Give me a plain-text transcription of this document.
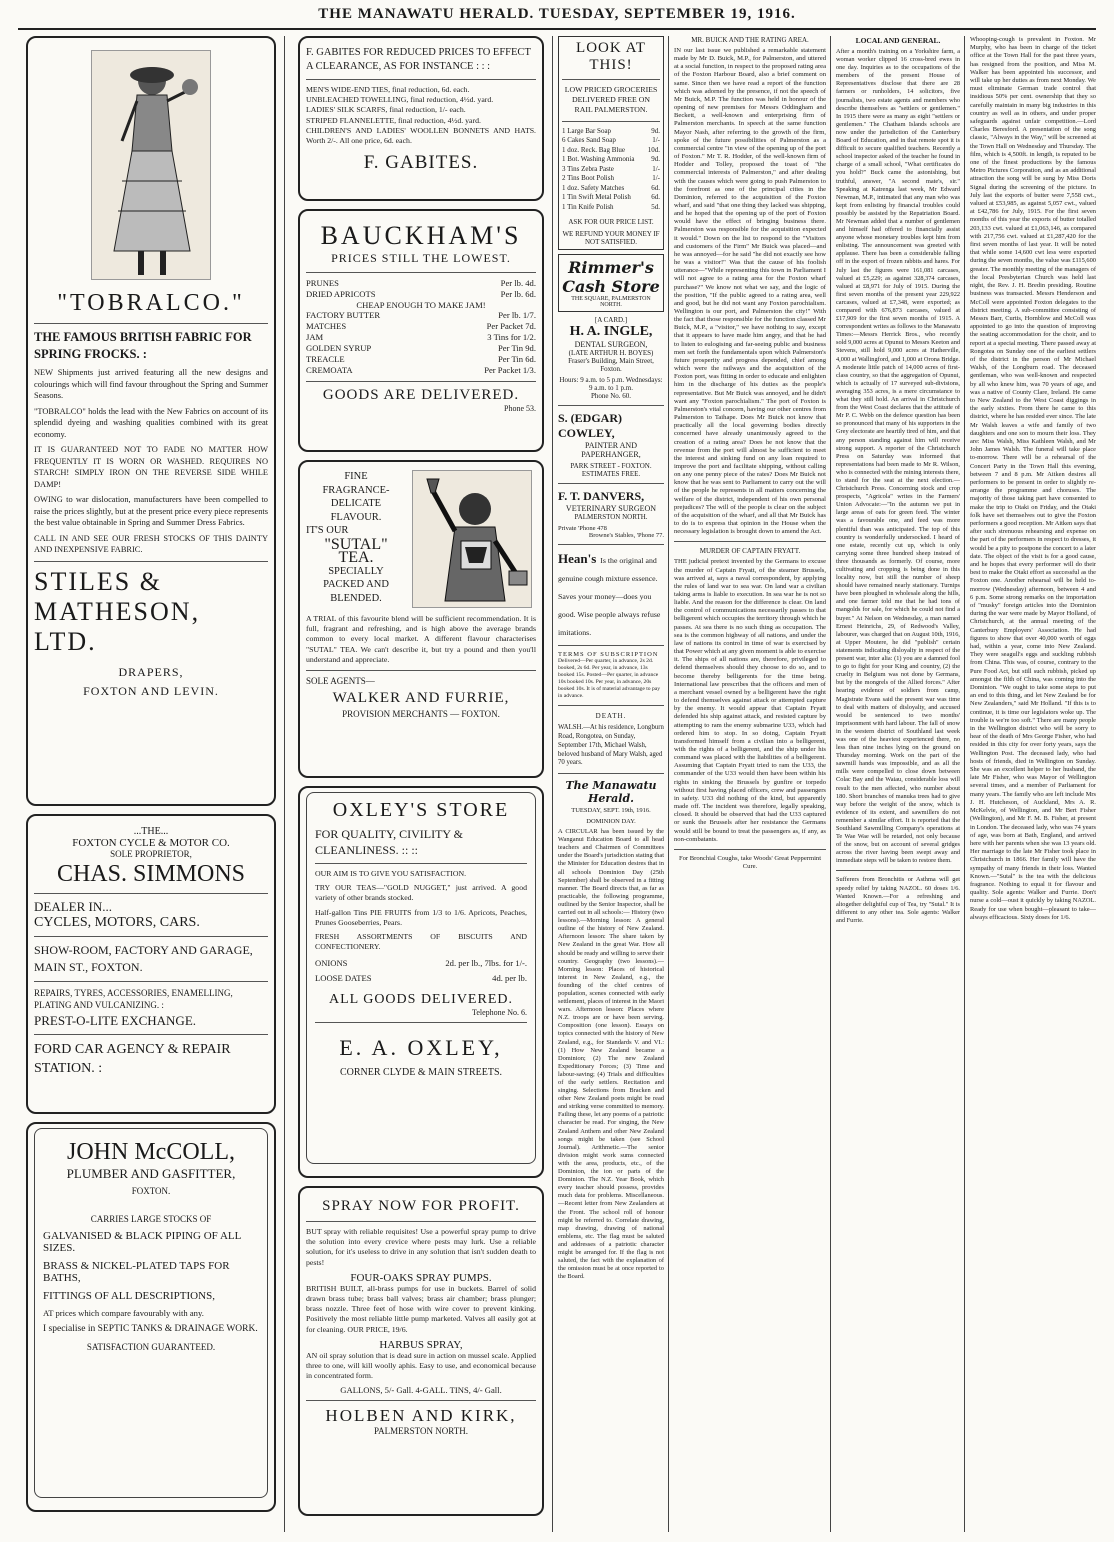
THE MANAWATU HERALD. TUESDAY, SEPTEMBER 19, 1916.
"TOBRALCO."
THE FAMOUS BRITISH FABRIC FOR SPRING FROCKS. :

NEW Shipments just arrived featuring all the new designs and colourings which will find favour throughout the Spring and Summer Seasons.

"TOBRALCO" holds the lead with the New Fabrics on account of its splendid dyeing and washing qualities combined with its great economy.

IT IS GUARANTEED NOT TO FADE NO MATTER HOW FREQUENTLY IT IS WORN OR WASHED. REQUIRES NO STARCH! SIMPLY IRON ON THE REVERSE SIDE WHILE DAMP!

OWING to war dislocation, manufacturers have been compelled to raise the prices slightly, but at the present price every piece represents the best value obtainable in Spring and Summer Dress Fabrics.

CALL IN AND SEE OUR FRESH STOCKS OF THIS DAINTY AND INEXPENSIVE FABRIC.

STILES &
MATHESON, LTD.
DRAPERS,
FOXTON AND LEVIN.
...THE...
FOXTON CYCLE & MOTOR CO.
SOLE PROPRIETOR,
CHAS. SIMMONS
DEALER IN...
CYCLES, MOTORS, CARS.
SHOW-ROOM, FACTORY AND GARAGE, MAIN ST., FOXTON.
REPAIRS, TYRES, ACCESSORIES, ENAMELLING, PLATING AND VULCANIZING. :
PREST-O-LITE EXCHANGE.
FORD CAR AGENCY & REPAIR STATION. :
JOHN McCOLL,
PLUMBER AND GASFITTER,
FOXTON.
CARRIES LARGE STOCKS OF
GALVANISED & BLACK PIPING OF ALL SIZES.
BRASS & NICKEL-PLATED TAPS FOR BATHS,
FITTINGS OF ALL DESCRIPTIONS,
AT prices which compare favourably with any.
I specialise in SEPTIC TANKS & DRAINAGE WORK.
SATISFACTION GUARANTEED.
F. GABITES FOR REDUCED PRICES TO EFFECT A CLEARANCE, AS FOR INSTANCE : : :
MEN'S WIDE-END TIES, final reduction, 6d. each.
UNBLEACHED TOWELLING, final reduction, 4½d. yard.
LADIES' SILK SCARFS, final reduction, 1/- each.
STRIPED FLANNELETTE, final reduction, 4½d. yard.
CHILDREN'S AND LADIES' WOOLLEN BONNETS AND HATS. Worth 2/-. All one price, 6d. each.
F. GABITES.
BAUCKHAM'S
PRICES STILL THE LOWEST.
PRUNES	Per lb. 4d.
DRIED APRICOTS	Per lb. 6d.
CHEAP ENOUGH TO MAKE JAM!
FACTORY BUTTER	Per lb. 1/7.
MATCHES	Per Packet 7d.
JAM	3 Tins for 1/2.
GOLDEN SYRUP	Per Tin 9d.
TREACLE	Per Tin 6d.
CREMOATA	Per Packet 1/3.
GOODS ARE DELIVERED.
Phone 53.
FINE
FRAGRANCE-
DELICATE
FLAVOUR.
IT'S OUR
"SUTAL"
TEA.
SPECIALLY
PACKED AND
BLENDED.

A TRIAL of this favourite blend will be sufficient recommendation. It is full, fragrant and refreshing, and is high above the average brands common to every local market. A different flavour characterises "SUTAL" TEA. We can't describe it, but try a pound and then you'll understand and appreciate.

SOLE AGENTS—
WALKER AND FURRIE,
PROVISION MERCHANTS — FOXTON.
OXLEY'S STORE
FOR QUALITY, CIVILITY & CLEANLINESS. :: ::
OUR AIM IS TO GIVE YOU SATISFACTION.
TRY OUR TEAS—"GOLD NUGGET," just arrived. A good variety of other brands stocked.
Half-gallon Tins PIE FRUITS from 1/3 to 1/6. Apricots, Peaches, Prunes Gooseberries, Pears.
FRESH ASSORTMENTS OF BISCUITS AND CONFECTIONERY.
ONIONS	2d. per lb., 7lbs. for 1/-.
LOOSE DATES	4d. per lb.
ALL GOODS DELIVERED.
Telephone No. 6.
E. A. OXLEY,
CORNER CLYDE & MAIN STREETS.
SPRAY NOW FOR PROFIT.

BUT spray with reliable requisites! Use a powerful spray pump to drive the solution into every crevice where pests may lurk. Use a reliable solution, for it's useless to drive in any solution that isn't sudden death to pests!

FOUR-OAKS SPRAY PUMPS.

BRITISH BUILT, all-brass pumps for use in buckets. Barrel of solid drawn brass tube; brass ball valves; brass air chamber; brass plunger; brass nozzle. Three feet of hose with wire cover to prevent kinking. Positively the most reliable little pump marketed. Valves all easily got at for cleaning. OUR PRICE, 19/6.

HARBUS SPRAY,

AN oil spray solution that is dead sure in action on mussel scale. Applied three to one, will kill woolly aphis. Easy to use, and economical because in concentrated form.

GALLONS, 5/- Gall. 4-GALL. TINS, 4/- Gall.
HOLBEN AND KIRK,
PALMERSTON NORTH.
LOOK AT THIS!
LOW PRICED GROCERIES DELIVERED FREE ON RAIL PALMERSTON.
1 Large Bar Soap	9d.
6 Cakes Sand Soap	1/-
1 doz. Reck. Bag Blue	10d.
1 Bot. Washing Ammonia	9d.
3 Tins Zebra Paste	1/-
2 Tins Boot Polish	1/-
1 doz. Safety Matches	6d.
1 Tin Swift Metal Polish	6d.
1 Tin Knife Polish	5d.
ASK FOR OUR PRICE LIST.
WE REFUND YOUR MONEY IF NOT SATISFIED.
Rimmer's Cash Store
THE SQUARE, PALMERSTON NORTH.
[A CARD.]
H. A. INGLE,
DENTAL SURGEON,
(LATE ARTHUR H. BOYES)
Fraser's Building, Main Street, Foxton.
Hours: 9 a.m. to 5 p.m. Wednesdays: 9 a.m. to 1 p.m.
Phone No. 60.
S. (EDGAR) COWLEY,
PAINTER AND PAPERHANGER,
PARK STREET - FOXTON.
ESTIMATES FREE.
F. T. DANVERS,
VETERINARY SURGEON
PALMERSTON NORTH.
Private 'Phone 478
Browne's Stables, 'Phone 77.
Hean's Is the original and genuine cough mixture essence. Saves your money—does you good. Wise people always refuse imitations.
TERMS OF SUBSCRIPTION
Delivered—Per quarter, in advance, 2s 2d. booked, 2s 6d. Per year, in advance, 13s booked 15s. Posted—Per quarter, in advance 10s booked 10s. Per year, in advance, 20s booked 10s. It is of material advantage to pay in advance.
DEATH.
WALSH.—At his residence, Longburn Road, Rongotea, on Sunday, September 17th, Michael Walsh, beloved husband of Mary Walsh, aged 70 years.
The Manawatu Herald.
TUESDAY, SEPT. 19th, 1916.
DOMINION DAY.
A CIRCULAR has been issued by the Wanganui Education Board to all head teachers and Chairmen of Committees under the Board's jurisdiction stating that the Minister for Education desires that in all schools Dominion Day (25th September) shall be observed in a fitting manner. The Board directs that, as far as practicable, the following programme, outlined by the Senior Inspector, shall be carried out in all schools:— History (two lessons).—Morning lesson: A general outline of the history of New Zealand. Afternoon lesson: The share taken by New Zealand in the great War. How all should be ready and willing to serve their country. Geography (two lessons).—Morning lesson: Places of historical interest in New Zealand, e.g., the founding of the chief centres of population, scenes connected with early settlement, places of interest in the Maori wars. Afternoon lesson: Places where N.Z. troops are or have been serving. Composition (one lesson). Essays on topics connected with the history of New Zealand, e.g., for Standards V. and VI.: (1) How New Zealand became a Dominion; (2) The new Zealand Expeditionary Forces; (3) Time and labour-saving; (4) Trials and difficulties of the early settlers. Recitation and singing. Selections from Bracken and other New Zealand poets might be read and striking verse committed to memory. Failing these, let any poems of a patriotic character be read. For singing, the New Zealand Anthem and other New Zealand songs might be taken (see School Journal). Arithmetic.—The senior division might work sums connected with the area, products, etc., of the Dominion, the ion or parts of the Dominion. The N.Z. Year Book, which every teacher should possess, provides much data for problems. Miscellaneous.—Recent letter from New Zealanders at the Front. The school roll of honour might be referred to. Correlate drawing, map drawing, drawing of national emblems, etc. The flag must be saluted and addresses of a patriotic character might be arranged for. If the flag is not saluted, the fact with the explanation of the omission must be at once reported to the Board.
MR. BUICK AND THE RATING AREA.
IN our last issue we published a remarkable statement made by Mr D. Buick, M.P., for Palmerston, and uttered at a social function, in respect to the proposed rating area of the Foxton Harbour Board, also a brief comment on same. Since then we have read a report of the function which was adorned by the presence, if not the speech of Mr Buick, M.P. The function was held in honour of the opening of new premises for Messrs Oddingham and Beckett, a well-known and enterprising firm of Palmerston merchants. In speech at the same function Mayor Nash, after referring to the growth of the firm, spoke of the future possibilities of Palmerston as a commercial centre "in view of the opening up of the port of Foxton." Mr T. R. Hodder, of the well-known firm of Hodder and Tolley, proposed the toast of "the commercial interests of Palmerston," and after dealing with the causes which were going to push Palmerston to the forefront as one of the principal cities in the Dominion, referred to the acquisition of the Foxton wharf, and said "that one thing they lacked was shipping, and he hoped that the opening up of the port of Foxton would have the effect of bringing business there. Palmerston was responsible for the acquisition expected it would." Down on the list to respond to the "Visitors and customers of the Firm" Mr Buick was placed—and he was annoyed—for he said "he did not exactly see how he was a visitor!" Was that the cause of his foolish utterance—"While representing this town in Parliament I will not agree to a rating area for the Foxton wharf purchase?" We know not what we say, and the logic of the position, "If the public agreed to a rating area, well and good, but he did not want any Foxton parochialism. Wellington is our port, and Palmerston the city!" With the fact that those responsible for the function classed Mr Buick, M.P., a "visitor," we have nothing to say, except that it appears to have made him angry, and that he had to listen to eulogising and far-seeing public and business men set forth the fundamentals upon which Palmerston's future prosperity and progress depended, chief among which were the railways and the acquisition of the Foxton port, was fitting in order to educate and enlighten him in the discharge of his duties as the people's representative. But Mr Buick was annoyed, and he didn't want any "Foxton parochialism." The port of Foxton is Palmerston's vital concern, having our other centres from Palmerston to Taihape. Does Mr Buick not know that practically all the local governing bodies directly concerned have already unanimously agreed to the creation of a rating area? Does he not know that the revenue from the port will almost be sufficient to meet the interest and sinking fund on any loan required to improve the port and facilitate shipping, without calling on any one penny piece of the rates? Does Mr Buick not know that he was sent to Parliament to carry out the will of the people he represents in all matters concerning the welfare of the district, independent of his own personal prejudices? The will of the people is clear on the subject of the acquisition of the wharf, and all that Mr Buick has to do is to express that opinion in the House when the necessary legislation is brought down to amend the Act.
MURDER OF CAPTAIN FRYATT.
THE judicial pretext invented by the Germans to excuse the murder of Captain Fryatt, of the steamer Brussels, was arrived at, says a naval correspondent, by applying the rules of land war to sea war. On land war a civilian taking arms is liable to execution. In sea war he is not so liable. And the reason for the difference is clear. On land the control of communications necessarily passes to that belligerent which occupies the territory through which he passes. At sea there is no such thing as occupation. The sea is the common highway of all nations, and under the law of nations its control in time of war is exercised by that Power which at any given moment is able to exercise it. The ships of all nations are, therefore, privileged to defend themselves should they choose to do so, and to become thereby belligerents for the time being. International law prescribes that the officers and men of a merchant vessel owned by a belligerent have the right to defend themselves against attack or attempted capture by the enemy. It would appear that Captain Fryatt defended his ship against attack, and resisted capture by attempting to ram the enemy submarine U33, which had ordered him to stop. In so doing, Captain Fryatt transformed himself from a civilian into a belligerent, with the rights of a belligerent, and the ship under his command was placed with the liabilities of a belligerent. Assuming that Captain Fryatt tried to ram the U33, the commander of the U33 would then have been within his rights in sinking the Brussels by gunfire or torpedo without first having placed officers, crew and passengers in safety. U33 did nothing of the kind, but apparently made off. The incident was therefore, legally speaking, closed. It should be observed that had the U33 captured or sunk the Brussels after her resistance the Germans would still be bound to treat the passengers as, if any, as non-combatants.
For Bronchial Coughs, take Woods' Great Peppermint Cure.
LOCAL AND GENERAL.
After a month's training on a Yorkshire farm, a woman worker clipped 16 cross-bred ewes in one day. Inquiries as to the occupations of the members of the present House of Representatives disclose that there are 28 farmers or runholders, 14 solicitors, five journalists, two estate agents and members who describe themselves as "settlers or gentlemen." In 1915 there were as many as eight "settlers or gentlemen." The Chatham Islands schools are now under the jurisdiction of the Canterbury Board of Education, and in that remote spot it is difficult to secure qualified teachers. Recently a school inspector asked of the teacher he found in charge of a small school, "What certificates do you hold?" Buck came the astonishing, but truthful, answer, "A second mate's, sir." Speaking at Katrenga last week, Mr Edward Newman, M.P., intimated that any man who was kept from enlisting by financial troubles could possibly be assisted by the Repatriation Board. Mr Newman added that a number of gentlemen and himself had offered to financially assist anyone whose monetary troubles kept him from enlisting. The announcement was greeted with applause. There has been a considerable falling off in the export of frozen rabbits and hares. For July last the figures were 161,081 carcases, valued at £5,229; as against 328,374 carcases, valued at £8,971 for July of 1915. During the first seven months of the present year 229,922 carcases, valued at £7,348, were exported; as compared with 676,873 carcases, valued at £17,909 for the first seven months of 1915. A correspondent writes as follows to the Manawatu Times:—Messrs Herrick Bros., who recently sold 9,000 acres at Opunui to Messrs Keeton and Stevens, still hold 9,000 acres at Hatherville, 4,000 at Wallingford, and 1,000 at Orona Bridge. A moderate little patch of 14,000 acres of first-class country, so that the aggregation of Opunui, which is actually of 17 surveyed sub-divisions, averaging 353 acres, is a mere circumstance to what they still hold. An arrival in Christchurch from the West Coast declares that the attitude of Mr P. C. Webb on the defence question has been so pronounced that many of his supporters in the Grey electorate are heartily tired of him, and that any person standing against him will receive strong support. A reporter of the Christchurch Press on Saturday was informed that representations had been made to Mr R. Wilson, who is connected with the mining interests there, to stand for the seat at the next election.—Christchurch Press. Concerning stock and crop prospects, "Agricola" writes in the Farmers' Union Advocate:—"In the autumn we put in large areas of oats for green feed. The winter was a favourable one, and feed was more plentiful than was anticipated. The top of this country is wonderfully undersocked. I heard of one estate, recently cut up, which is only carrying some three hundred sheep instead of three thousands as formerly. Of course, more cultivating and cropping is being done in this locality now, but still the number of sheep should have remained nearly stationary. Turnips have been ploughed in wholesale along the hills, and one farmer told me that he had tons of mangolds for sale, for which he could not find a buyer." At Nelson on Wednesday, a man named Ernest Heinrichs, 29, of Redwood's Valley, labourer, was charged that on August 10th, 1916, at Upper Moutere, he did "publish" certain statements indicating disloyalty in respect of the present war, inter alia: (1) you are a damned fool to go to fight for your King and country, (2) the cruelty in Belgium was not done by Germans, but by the mongrels of the Allied forces." After hearing evidence of soldiers from camp, Magistrate Evans said the present war was time to deal with matters of disloyalty, and accused would be sentenced to two months' imprisonment with hard labour. The fall of snow in the western district of Southland last week was one of the heaviest experienced there, no less than nine inches lying on the ground on Thursday morning. Work on the part of the sawmill hands was impossible, and as all the mills were compelled to close down between Colac Bay and the Waiau, considerable loss will result to the men affected, who number about 180. Short branches of manuka trees had to give way before the weight of the snow, which is evidence of its extent, and sawmillers do not remember a similar effort. It is reported that the Southland Sawmilling Company's operations at Te Wae Wae will be retarded, not only because of the snow, but on account of several gridges across the river having been swept away and immediate steps will be taken to restore them.
Sufferers from Bronchitis or Asthma will get speedy relief by taking NAZOL. 60 doses 1/6. Wanted Known.—For a refreshing and altogether delightful cup of Tea, try "Sutal." It is different to any other tea. Sole agents: Walker and Furrie.
Whooping-cough is prevalent in Foxton. Mr Murphy, who has been in charge of the ticket office at the Town Hall for the past three years, has resigned from the position, and Miss M. Walker has been appointed his successor, and will take up her duties as from next Monday. We must eliminate German trade control that insidious 50% per cent. ownership that they so carefully maintain in many big industries in this country as well as in others, and under proper safeguards against unfair competition.—Lord Charles Beresford. A presentation of the song classic, "Always in the Way," will be screened at the Town Hall on Wednesday and Thursday. The film, which is 4,500ft. in length, is reputed to be one of the finest productions by the famous Metro Pictures Corporation, and as an additional attraction the song will be sung by Miss Doris Signal during the screening of the picture. In July last the exports of butter were 7,558 cwt., valued at £53,985, as against 5,057 cwt., valued at £42,786 for July, 1915. For the first seven months of this year the exports of butter totalled 203,133 cwt. valued at £1,063,146, as compared with 217,756 cwt. valued at £1,287,420 for the first seven months of last year. It will be noted that while some 14,600 cwt less were exported during the seven months, the value was £115,600 greater. The monthly meeting of the managers of the local Presbyterian Church was held last night, the Rev. J. H. Bredin presiding. Routine business was transacted. Messrs Henderson and McColl were appointed Foxton delegates to the district meeting. A sub-committee consisting of Messrs Barr, Curtis, Hornblow and McColl was appointed to go into the question of improving the seating accommodation for the choir, and to report at a special meeting. There passed away at Rongotea on Sunday one of the earliest settlers of the district in the person of Mr Michael Walsh, of the Longburn road. The deceased gentleman, who was well-known and respected by all who knew him, was 70 years of age, and was a native of County Clare, Ireland. He came to New Zealand to the West Coast diggings in the early sixties. From there he came to this district, where he has resided ever since. The late Mr Walsh leaves a wife and family of two daughters and one son to mourn their loss. They are: Miss Walsh, Miss Kathleen Walsh, and Mr John James Walsh. The funeral will take place to-morrow. There will be a rehearsal of the Concert Party in the Town Hall this evening, between 7 and 8 p.m. Mr Aitken desires all performers to be present in order to slightly re-arrange the programme and choruses. The majority of those taking part have consented to make the trip to Otaki on Friday, and the Otaki folk have set themselves out to give the Foxton performers a good reception. Mr Aitken says that after such strenuous rehearsing and expense on the part of the performers in respect to dresses, it would be a pity to postpone the concert to a later date. The object of the visit is for a good cause, and he hopes that every performer will do their best to make the Otaki effort as successful as the Foxton one. Another rehearsal will be held to-morrow (Wednesday) afternoon, between 4 and 6 p.m. Some strong remarks on the importation of "musky" foreign articles into the Dominion during the war were made by Mayor Holland, of Christchurch, at the annual meeting of the Canterbury Employers' Association. He had figures to show that over 40,000 worth of eggs had, within a year, come into New Zealand. They were seagull's eggs and suckling rubbish from China. This was, of course, contrary to the Pure Food Act, but still such rubbish, picked up amongst the filth of China, was coming into the Dominion. "We ought to take some steps to put an end to this thing, and let New Zealand be for New Zealanders," said Mr Holland. "If this is to continue, it is time our legislators woke up. The trouble is we're too soft." There are many people in the Wellington district who will be sorry to hear of the death of Mrs George Fisher, who had resided in this city for over forty years, says the Wellington Post. The deceased lady, who had hosts of friends, died in Wellington on Sunday. She was an excellent helper to her husband, the late Mr Fisher, who was Mayor of Wellington several times, and a member of Parliament for many years. The family who are left include Mrs J. H. Hutcheson, of Auckland, Mrs A. R. McKelvie, of Wellington, and Mr Bert Fisher (Wellington), and Mr F. M. B. Fisher, at present in London. The deceased lady, who was 74 years of age, was born at Bath, England, and arrived here with her parents when she was 13 years old. Her marriage to the late Mr Fisher took place in Christchurch in 1866. Her family will have the sympathy of many friends in their loss. Wanted Known.—"Sutal" is the tea with the delicious fragrance. Nothing to equal it for flavour and quality. Sole agents: Walker and Furrie. Don't nurse a cold—oust it quickly by taking NAZOL. Ready for use when bought—pleasant to take—always efficacious. Sixty doses for 1/6.
